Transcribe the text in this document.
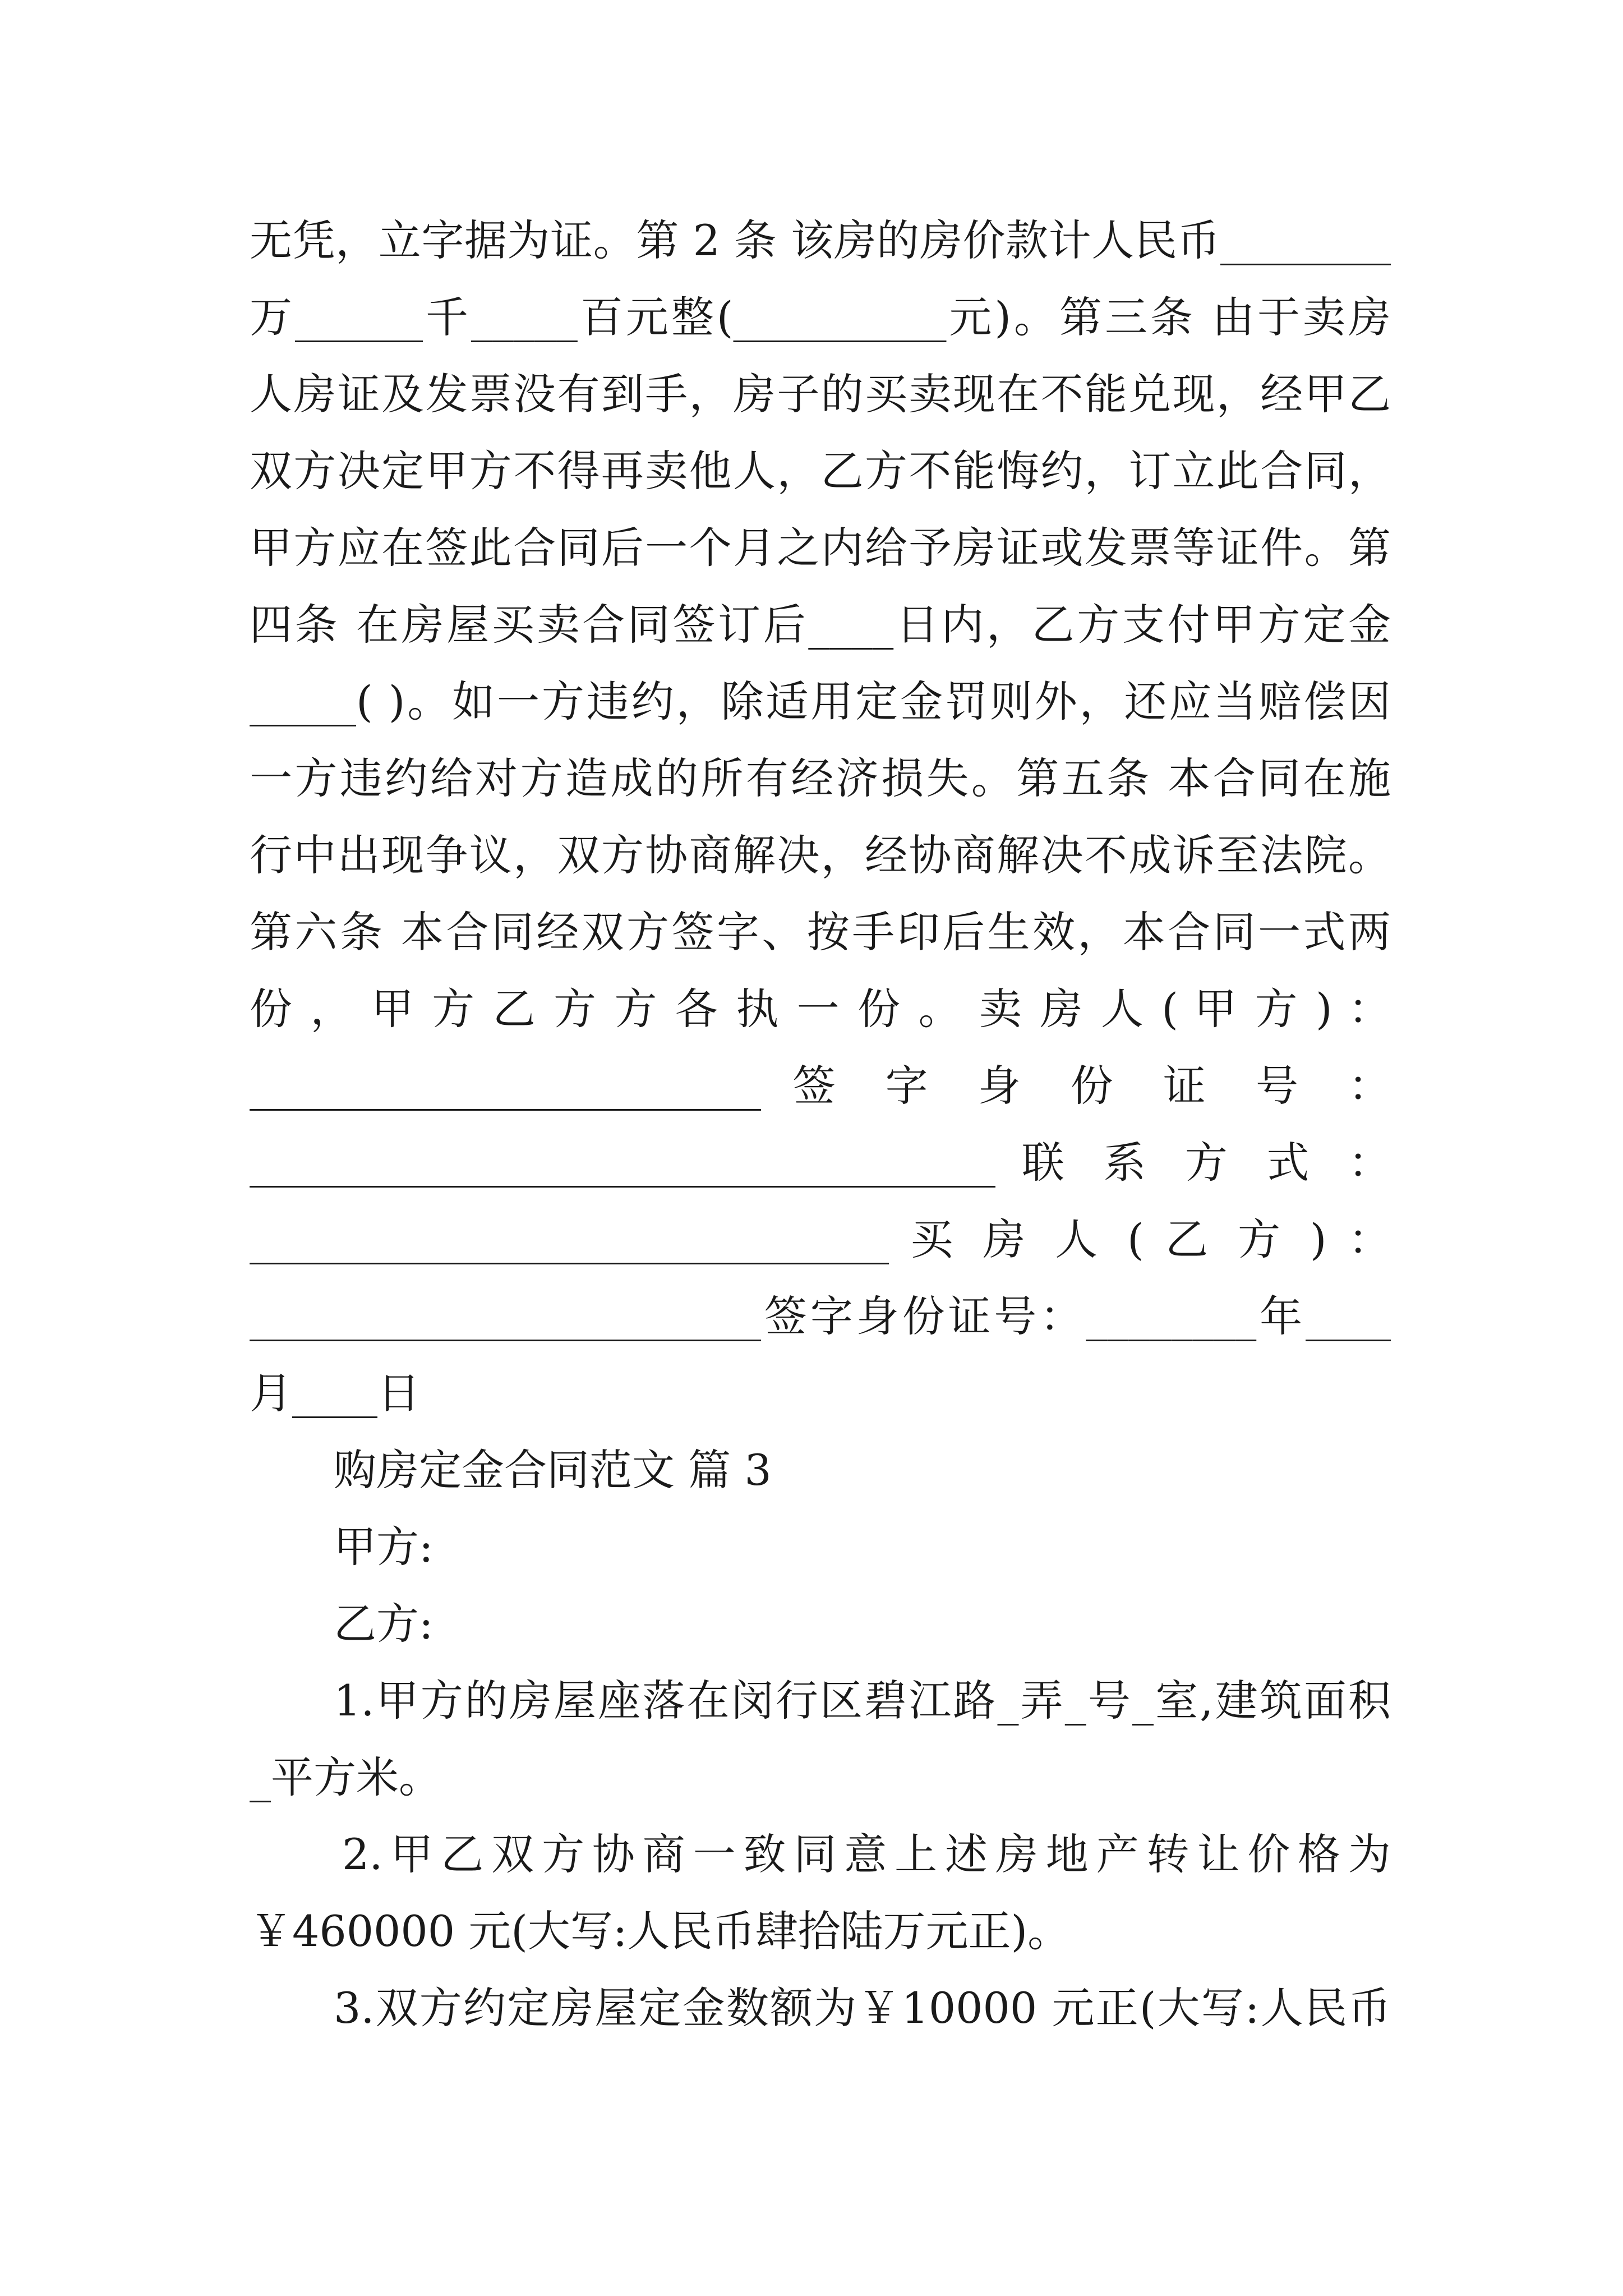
无凭，立字据为证。第 2 条 该房的房价款计人民币________
万______千_____百元整(__________元)。第三条 由于卖房
人房证及发票没有到手，房子的买卖现在不能兑现，经甲乙
双方决定甲方不得再卖他人，乙方不能悔约，订立此合同，
甲方应在签此合同后一个月之内给予房证或发票等证件。第
四条 在房屋买卖合同签订后____日内，乙方支付甲方定金
_____( )。如一方违约，除适用定金罚则外，还应当赔偿因
一方违约给对方造成的所有经济损失。第五条 本合同在施
行中出现争议，双方协商解决，经协商解决不成诉至法院。
第六条 本合同经双方签字、按手印后生效，本合同一式两
份 ， 甲 方 乙 方 方 各 执 一 份 。 卖 房 人 ( 甲 方 ) ：
________________________ 签 字 身 份 证 号 ：
___________________________________ 联 系 方 式 ：
______________________________ 买 房 人 ( 乙 方 ) ：
________________________签字身份证号：________年____
月____日
购房定金合同范文 篇 3
甲方:
乙方:
1.甲方的房屋座落在闵行区碧江路_弄_号_室,建筑面积
_平方米。
2.甲乙双方协商一致同意上述房地产转让价格为
￥460000 元(大写:人民币肆拾陆万元正)。
3.双方约定房屋定金数额为￥10000 元正(大写:人民币
